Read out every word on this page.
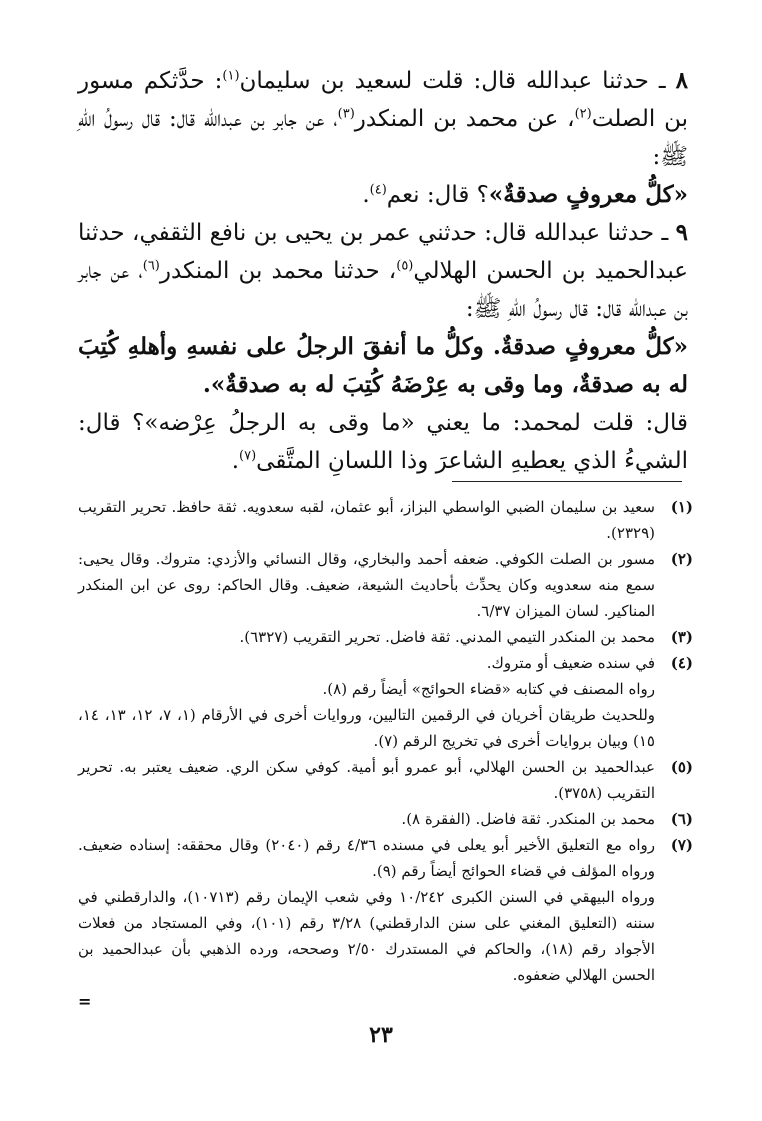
٨ ـ حدثنا عبدالله قال: قلت لسعيد بن سليمان$^{(١)}$: حدَّثكم مسور بن الصلت$^{(٢)}$، عن محمد بن المنكدر$^{(٣)}$، عن جابر بن عبدالله قال: قال رسولُ اللّٰهِ ﷺ:

«كلُّ معروفٍ صدقةٌ»؟ قال: نعم$^{(٤)}$.

٩ ـ حدثنا عبدالله قال: حدثني عمر بن يحيى بن نافع الثقفي، حدثنا عبدالحميد بن الحسن الهلالي$^{(٥)}$، حدثنا محمد بن المنكدر$^{(٦)}$، عن جابر بن عبدالله قال: قال رسولُ اللّٰهِ ﷺ:

«كلُّ معروفٍ صدقةٌ. وكلُّ ما أنفقَ الرجلُ على نفسهِ وأهلهِ كُتِبَ له به صدقةٌ، وما وقى به عِرْضَهُ كُتِبَ له به صدقةٌ».

قال: قلت لمحمد: ما يعني «ما وقى به الرجلُ عِرْضه»؟ قال: الشيءُ الذي يعطيهِ الشاعرَ وذا اللسانِ المتَّقى$^{(٧)}$.

(١)

سعيد بن سليمان الضبي الواسطي البزاز، أبو عثمان، لقبه سعدويه. ثقة حافظ. تحرير التقريب (٢٣٢٩).

(٢)

مسور بن الصلت الكوفي. ضعفه أحمد والبخاري، وقال النسائي والأزدي: متروك. وقال يحيى: سمع منه سعدويه وكان يحدِّث بأحاديث الشيعة، ضعيف. وقال الحاكم: روى عن ابن المنكدر المناكير. لسان الميزان ٦/٣٧.

(٣)

محمد بن المنكدر التيمي المدني. ثقة فاضل. تحرير التقريب (٦٣٢٧).

(٤)

في سنده ضعيف أو متروك.

رواه المصنف في كتابه «قضاء الحوائج» أيضاً رقم (٨).

وللحديث طريقان أخريان في الرقمين التاليين، وروايات أخرى في الأرقام (١، ٧، ١٢، ١٣، ١٤، ١٥) وبيان بروايات أخرى في تخريج الرقم (٧).

(٥)

عبدالحميد بن الحسن الهلالي، أبو عمرو أبو أمية. كوفي سكن الري. ضعيف يعتبر به. تحرير التقريب (٣٧٥٨).

(٦)

محمد بن المنكدر. ثقة فاضل. (الفقرة ٨).

(٧)

رواه مع التعليق الأخير أبو يعلى في مسنده ٤/٣٦ رقم (٢٠٤٠) وقال محققه: إسناده ضعيف. ورواه المؤلف في قضاء الحوائج أيضاً رقم (٩).

ورواه البيهقي في السنن الكبرى ١٠/٢٤٢ وفي شعب الإيمان رقم (١٠٧١٣)، والدارقطني في سننه (التعليق المغني على سنن الدارقطني) ٣/٢٨ رقم (١٠١)، وفي المستجاد من فعلات الأجواد رقم (١٨)، والحاكم في المستدرك ٢/٥٠ وصححه، ورده الذهبي بأن عبدالحميد بن الحسن الهلالي ضعفوه.

=
٢٣
